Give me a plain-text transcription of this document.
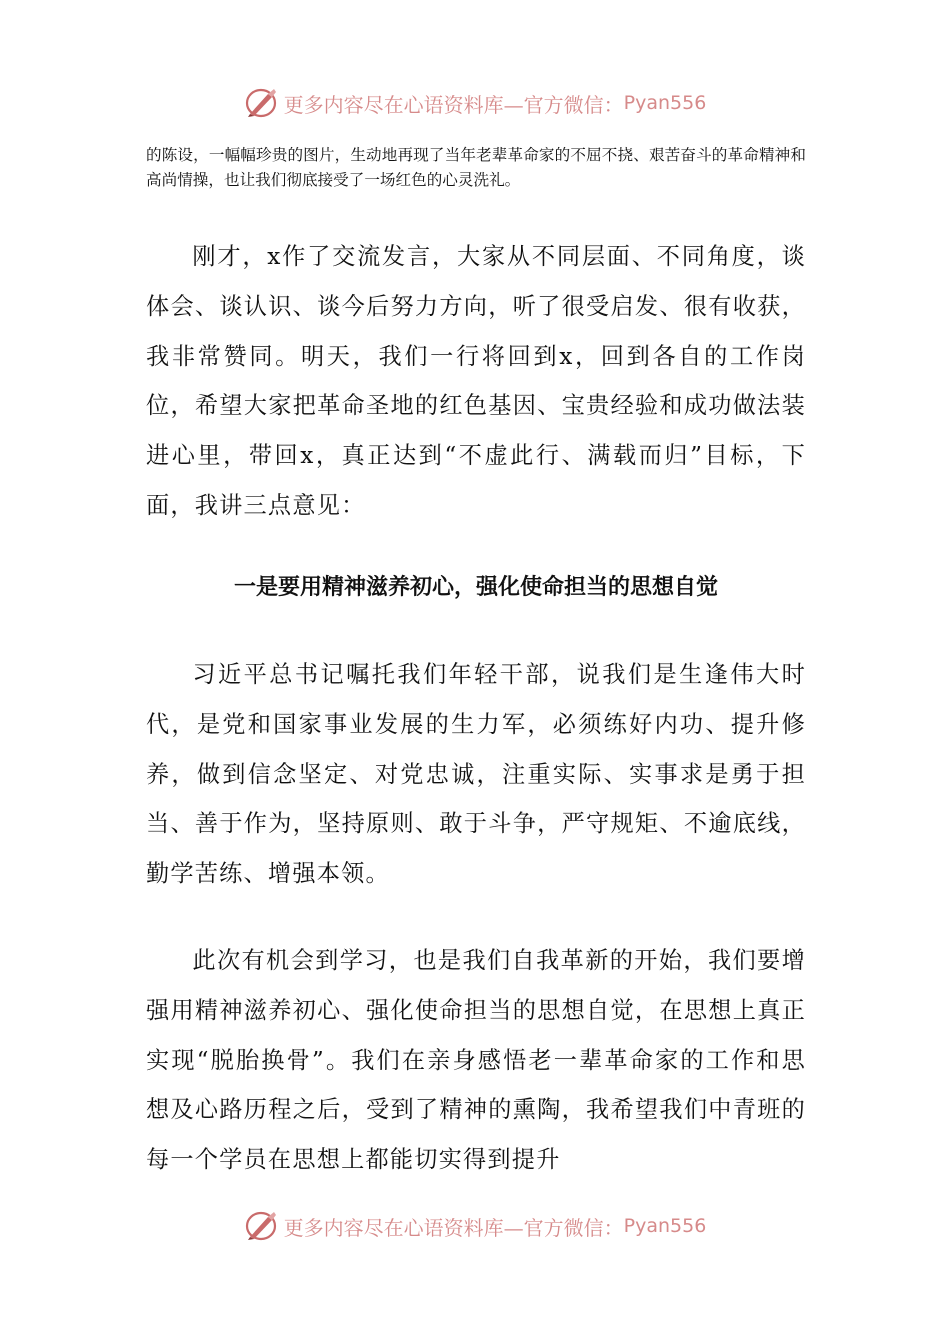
更多内容尽在心语资料库—官方微信： Pyan556

的陈设，一幅幅珍贵的图片，生动地再现了当年老辈革命家的不屈不挠、艰苦奋斗的革命精神和高尚情操，也让我们彻底接受了一场红色的心灵洗礼。

刚才，x作了交流发言，大家从不同层面、不同角度，谈体会、谈认识、谈今后努力方向，听了很受启发、很有收获，我非常赞同。明天，我们一行将回到x，回到各自的工作岗位，希望大家把革命圣地的红色基因、宝贵经验和成功做法装进心里，带回x，真正达到“不虚此行、满载而归”目标，下面，我讲三点意见：

一是要用精神滋养初心，强化使命担当的思想自觉

习近平总书记嘱托我们年轻干部，说我们是生逢伟大时代，是党和国家事业发展的生力军，必须练好内功、提升修养，做到信念坚定、对党忠诚，注重实际、实事求是勇于担当、善于作为，坚持原则、敢于斗争，严守规矩、不逾底线，勤学苦练、增强本领。

此次有机会到学习，也是我们自我革新的开始，我们要增强用精神滋养初心、强化使命担当的思想自觉，在思想上真正实现“脱胎换骨”。我们在亲身感悟老一辈革命家的工作和思想及心路历程之后，受到了精神的熏陶，我希望我们中青班的每一个学员在思想上都能切实得到提升

更多内容尽在心语资料库—官方微信： Pyan556
